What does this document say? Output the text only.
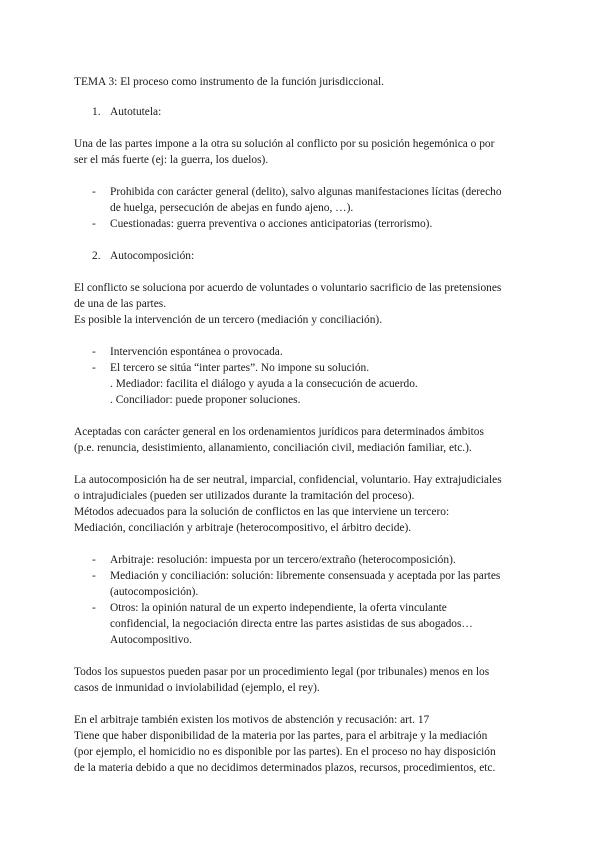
TEMA 3: El proceso como instrumento de la función jurisdiccional.
1. Autotutela:
Una de las partes impone a la otra su solución al conflicto por su posición hegemónica o por
ser el más fuerte (ej: la guerra, los duelos).
- Prohibida con carácter general (delito), salvo algunas manifestaciones lícitas (derecho
de huelga, persecución de abejas en fundo ajeno, …).
- Cuestionadas: guerra preventiva o acciones anticipatorias (terrorismo).
2. Autocomposición:
El conflicto se soluciona por acuerdo de voluntades o voluntario sacrificio de las pretensiones
de una de las partes.
Es posible la intervención de un tercero (mediación y conciliación).
- Intervención espontánea o provocada.
- El tercero se sitúa “inter partes”. No impone su solución.
. Mediador: facilita el diálogo y ayuda a la consecución de acuerdo.
. Conciliador: puede proponer soluciones.
Aceptadas con carácter general en los ordenamientos jurídicos para determinados ámbitos
(p.e. renuncia, desistimiento, allanamiento, conciliación civil, mediación familiar, etc.).
La autocomposición ha de ser neutral, imparcial, confidencial, voluntario. Hay extrajudiciales
o intrajudiciales (pueden ser utilizados durante la tramitación del proceso).
Métodos adecuados para la solución de conflictos en las que interviene un tercero:
Mediación, conciliación y arbitraje (heterocompositivo, el árbitro decide).
- Arbitraje: resolución: impuesta por un tercero/extraño (heterocomposición).
- Mediación y conciliación: solución: libremente consensuada y aceptada por las partes
(autocomposición).
- Otros: la opinión natural de un experto independiente, la oferta vinculante
confidencial, la negociación directa entre las partes asistidas de sus abogados…
Autocompositivo.
Todos los supuestos pueden pasar por un procedimiento legal (por tribunales) menos en los
casos de inmunidad o inviolabilidad (ejemplo, el rey).
En el arbitraje también existen los motivos de abstención y recusación: art. 17
Tiene que haber disponibilidad de la materia por las partes, para el arbitraje y la mediación
(por ejemplo, el homicidio no es disponible por las partes). En el proceso no hay disposición
de la materia debido a que no decidimos determinados plazos, recursos, procedimientos, etc.
